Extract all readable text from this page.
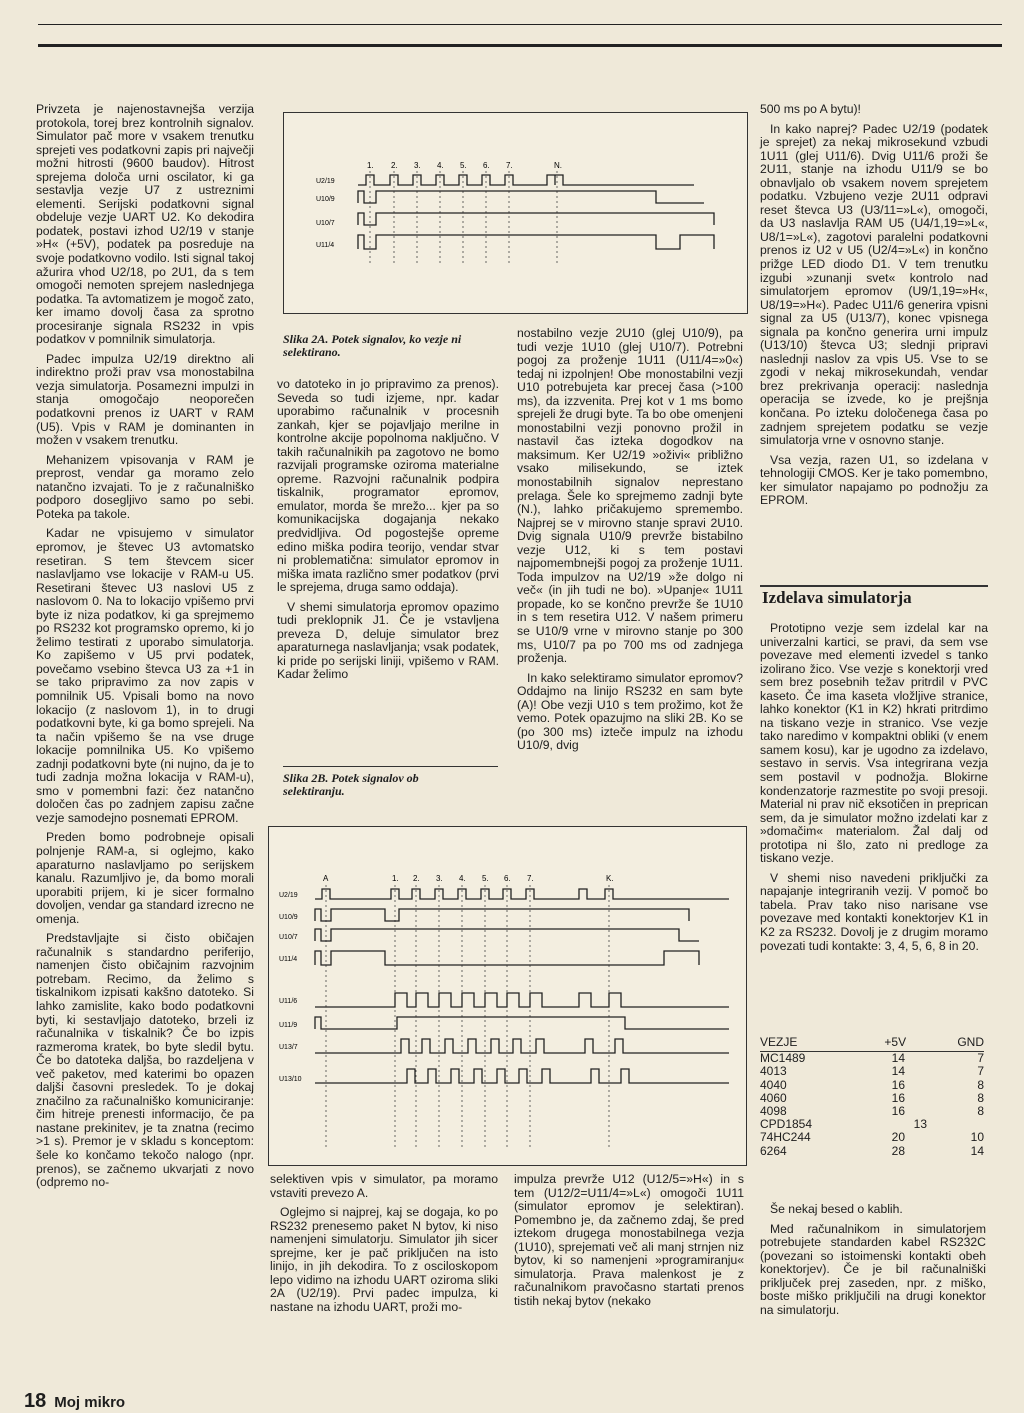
Privzeta je najenostavnejša verzija protokola, torej brez kontrolnih signalov. Simulator pač more v vsakem trenutku sprejeti ves podatkovni zapis pri največji možni hitrosti (9600 baudov). Hitrost sprejema določa urni oscilator, ki ga sestavlja vezje U7 z ustreznimi elementi. Serijski podatkovni signal obdeluje vezje UART U2. Ko dekodira podatek, postavi izhod U2/19 v stanje »H« (+5V), podatek pa posreduje na svoje podatkovno vodilo. Isti signal takoj ažurira vhod U2/18, po 2U1, da s tem omogoči nemoten sprejem naslednjega podatka. Ta avtomatizem je mogoč zato, ker imamo dovolj časa za sprotno procesiranje signala RS232 in vpis podatkov v pomnilnik simulatorja.

Padec impulza U2/19 direktno ali indirektno proži prav vsa monostabilna vezja simulatorja. Posamezni impulzi in stanja omogočajo neoporečen podatkovni prenos iz UART v RAM (U5). Vpis v RAM je dominanten in možen v vsakem trenutku.

Mehanizem vpisovanja v RAM je preprost, vendar ga moramo zelo natančno izvajati. To je z računalniško podporo dosegljivo samo po sebi. Poteka pa takole.

Kadar ne vpisujemo v simulator epromov, je števec U3 avtomatsko resetiran. S tem števcem sicer naslavljamo vse lokacije v RAM-u U5. Resetirani števec U3 naslovi U5 z naslovom 0. Na to lokacijo vpišemo prvi byte iz niza podatkov, ki ga sprejmemo po RS232 kot programsko opremo, ki jo želimo testirati z uporabo simulatorja. Ko zapišemo v U5 prvi podatek, povečamo vsebino števca U3 za +1 in se tako pripravimo za nov zapis v pomnilnik U5. Vpisali bomo na novo lokacijo (z naslovom 1), in to drugi podatkovni byte, ki ga bomo sprejeli. Na ta način vpišemo še na vse druge lokacije pomnilnika U5. Ko vpišemo zadnji podatkovni byte (ni nujno, da je to tudi zadnja možna lokacija v RAM-u), smo v pomembni fazi: čez natančno določen čas po zadnjem zapisu začne vezje samodejno posnemati EPROM.

Preden bomo podrobneje opisali polnjenje RAM-a, si oglejmo, kako aparaturno naslavljamo po serijskem kanalu. Razumljivo je, da bomo morali uporabiti prijem, ki je sicer formalno dovoljen, vendar ga standard izrecno ne omenja.

Predstavljajte si čisto običajen računalnik s standardno periferijo, namenjen čisto običajnim razvojnim potrebam. Recimo, da želimo s tiskalnikom izpisati kakšno datoteko. Si lahko zamislite, kako bodo podatkovni byti, ki sestavljajo datoteko, brzeli iz računalnika v tiskalnik? Če bo izpis razmeroma kratek, bo byte sledil bytu. Če bo datoteka daljša, bo razdeljena v več paketov, med katerimi bo opazen daljši časovni presledek. To je dokaj značilno za računalniško komuniciranje: čim hitreje prenesti informacijo, če pa nastane prekinitev, je ta znatna (recimo >1 s). Premor je v skladu s konceptom: šele ko končamo tekočo nalogo (npr. prenos), se začnemo ukvarjati z novo (odpremo no-

1. 2. 3. 4. 5. 6. 7.	N.
U2/19
U10/9
U10/7
U11/4
Slika 2A. Potek signalov, ko vezje ni selektirano.

vo datoteko in jo pripravimo za prenos). Seveda so tudi izjeme, npr. kadar uporabimo računalnik v procesnih zankah, kjer se pojavljajo merilne in kontrolne akcije popolnoma naključno. V takih računalnikih pa zagotovo ne bomo razvijali programske oziroma materialne opreme. Razvojni računalnik podpira tiskalnik, programator epromov, emulator, morda še mrežo... kjer pa so komunikacijska dogajanja nekako predvidljiva. Od pogostejše opreme edino miška podira teorijo, vendar stvar ni problematična: simulator epromov in miška imata različno smer podatkov (prvi le sprejema, druga samo oddaja).

V shemi simulatorja epromov opazimo tudi preklopnik J1. Če je vstavljena preveza D, deluje simulator brez aparaturnega naslavljanja; vsak podatek, ki pride po serijski liniji, vpišemo v RAM. Kadar želimo

Slika 2B. Potek signalov ob selektiranju.

nostabilno vezje 2U10 (glej U10/9), pa tudi vezje 1U10 (glej U10/7). Potrebni pogoj za proženje 1U11 (U11/4=»0«) tedaj ni izpolnjen! Obe monostabilni vezji U10 potrebujeta kar precej časa (>100 ms), da izzvenita. Prej kot v 1 ms bomo sprejeli že drugi byte. Ta bo obe omenjeni monostabilni vezji ponovno prožil in nastavil čas izteka dogodkov na maksimum. Ker U2/19 »oživi« približno vsako milisekundo, se iztek monostabilnih signalov neprestano prelaga. Šele ko sprejmemo zadnji byte (N.), lahko pričakujemo spremembo. Najprej se v mirovno stanje spravi 2U10. Dvig signala U10/9 prevrže bistabilno vezje U12, ki s tem postavi najpomembnejši pogoj za proženje 1U11. Toda impulzov na U2/19 »že dolgo ni več« (in jih tudi ne bo). »Upanje« 1U11 propade, ko se končno prevrže še 1U10 in s tem resetira U12. V našem primeru se U10/9 vrne v mirovno stanje po 300 ms, U10/7 pa po 700 ms od zadnjega proženja.

In kako selektiramo simulator epromov? Oddajmo na linijo RS232 en sam byte (A)! Obe vezji U10 s tem prožimo, kot že vemo. Potek opazujmo na sliki 2B. Ko se (po 300 ms) izteče impulz na izhodu U10/9, dvig

A	1. 2. 3. 4. 5. 6. 7.	K.
U2/19
U10/9
U10/7
U11/4
U11/6
U11/9
U13/7
U13/10

selektiven vpis v simulator, pa moramo vstaviti prevezo A.

Oglejmo si najprej, kaj se dogaja, ko po RS232 prenesemo paket N bytov, ki niso namenjeni simulatorju. Simulator jih sicer sprejme, ker je pač priključen na isto linijo, in jih dekodira. To z osciloskopom lepo vidimo na izhodu UART oziroma sliki 2A (U2/19). Prvi padec impulza, ki nastane na izhodu UART, proži mo-

impulza prevrže U12 (U12/5=»H«) in s tem (U12/2=U11/4=»L«) omogoči 1U11 (simulator epromov je selektiran). Pomembno je, da začnemo zdaj, še pred iztekom drugega monostabilnega vezja (1U10), sprejemati več ali manj strnjen niz bytov, ki so namenjeni »programiranju« simulatorja. Prava malenkost je z računalnikom pravočasno startati prenos tistih nekaj bytov (nekako

500 ms po A bytu)!

In kako naprej? Padec U2/19 (podatek je sprejet) za nekaj mikrosekund vzbudi 1U11 (glej U11/6). Dvig U11/6 proži še 2U11, stanje na izhodu U11/9 se bo obnavljalo ob vsakem novem sprejetem podatku. Vzbujeno vezje 2U11 odpravi reset števca U3 (U3/11=»L«), omogoči, da U3 naslavlja RAM U5 (U4/1,19=»L«, U8/1=»L«), zagotovi paralelni podatkovni prenos iz U2 v U5 (U2/4=»L«) in končno prižge LED diodo D1. V tem trenutku izgubi »zunanji svet« kontrolo nad simulatorjem epromov (U9/1,19=»H«, U8/19=»H«). Padec U11/6 generira vpisni signal za U5 (U13/7), konec vpisnega signala pa končno generira urni impulz (U13/10) števca U3; slednji pripravi naslednji naslov za vpis U5. Vse to se zgodi v nekaj mikrosekundah, vendar brez prekrivanja operacij: naslednja operacija se izvede, ko je prejšnja končana. Po izteku določenega časa po zadnjem sprejetem podatku se vezje simulatorja vrne v osnovno stanje.

Vsa vezja, razen U1, so izdelana v tehnologiji CMOS. Ker je tako pomembno, ker simulator napajamo po podnožju za EPROM.

Izdelava simulatorja

Prototipno vezje sem izdelal kar na univerzalni kartici, se pravi, da sem vse povezave med elementi izvedel s tanko izolirano žico. Vse vezje s konektorji vred sem brez posebnih težav pritrdil v PVC kaseto. Če ima kaseta vložljive stranice, lahko konektor (K1 in K2) hkrati pritrdimo na tiskano vezje in stranico. Vse vezje tako naredimo v kompaktni obliki (v enem samem kosu), kar je ugodno za izdelavo, sestavo in servis. Vsa integrirana vezja sem postavil v podnožja. Blokirne kondenzatorje razmestite po svoji presoji. Material ni prav nič eksotičen in preprican sem, da je simulator možno izdelati kar z »domačim« materialom. Žal dalj od prototipa ni šlo, zato ni predloge za tiskano vezje.

V shemi niso navedeni priključki za napajanje integriranih vezij. V pomoč bo tabela. Prav tako niso narisane vse povezave med kontakti konektorjev K1 in K2 za RS232. Dovolj je z drugim moramo povezati tudi kontakte: 3, 4, 5, 6, 8 in 20.

VEZJE	+5V	GND
MC1489	14	7
4013	14	7
4040	16	8
4060	16	8
4098	16	8
CPD1854	13	
74HC244	20	10
6264	28	14

Še nekaj besed o kablih.

Med računalnikom in simulatorjem potrebujete standarden kabel RS232C (povezani so istoimenski kontakti obeh konektorjev). Če je bil računalniški priključek prej zaseden, npr. z miško, boste miško priključili na drugi konektor na simulatorju.

18 Moj mikro
